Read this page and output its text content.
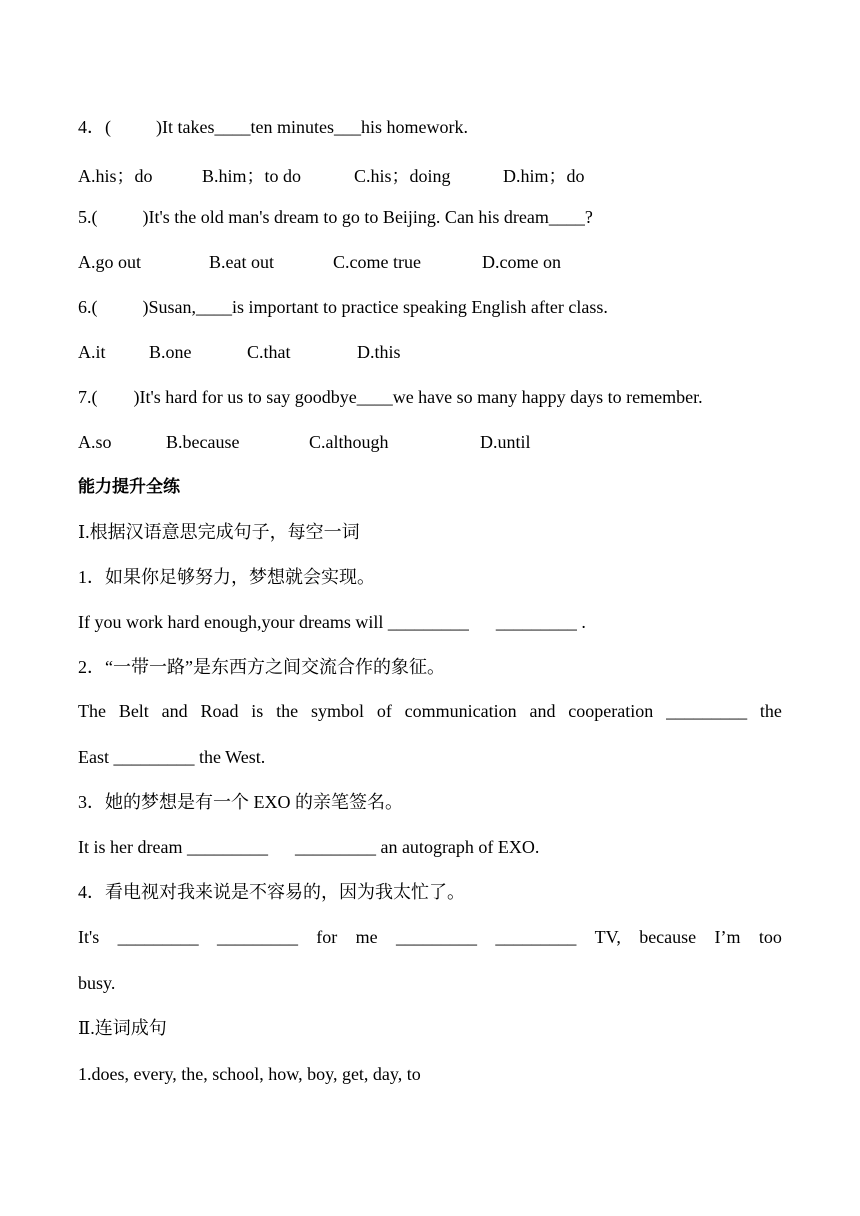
4．(          )It takes____ten minutes___his homework.
A.his；do	B.him；to do	C.his；doing	D.him；do
5.(          )It's the old man's dream to go to Beijing. Can his dream____?
A.go out	B.eat out	C.come true	D.come on
6.(          )Susan,____is important to practice speaking English after class.
A.it B.one	C.that	D.this
7.(        )It's hard for us to say goodbye____we have so many happy days to remember.
A.so	B.because	C.although	D.until
能力提升全练
Ⅰ.根据汉语意思完成句子，每空一词
1．如果你足够努力，梦想就会实现。
If you work hard enough,your dreams will _________      _________ .
2．“一带一路”是东西方之间交流合作的象征。
The Belt and Road is the symbol of communication and cooperation _________ the
East _________ the West.
3．她的梦想是有一个 EXO 的亲笔签名。
It is her dream _________      _________ an autograph of EXO.
4．看电视对我来说是不容易的，因为我太忙了。
It's _________ _________ for me _________ _________ TV, because I’m too
busy.
Ⅱ.连词成句
1.does, every, the, school, how, boy, get, day, to
